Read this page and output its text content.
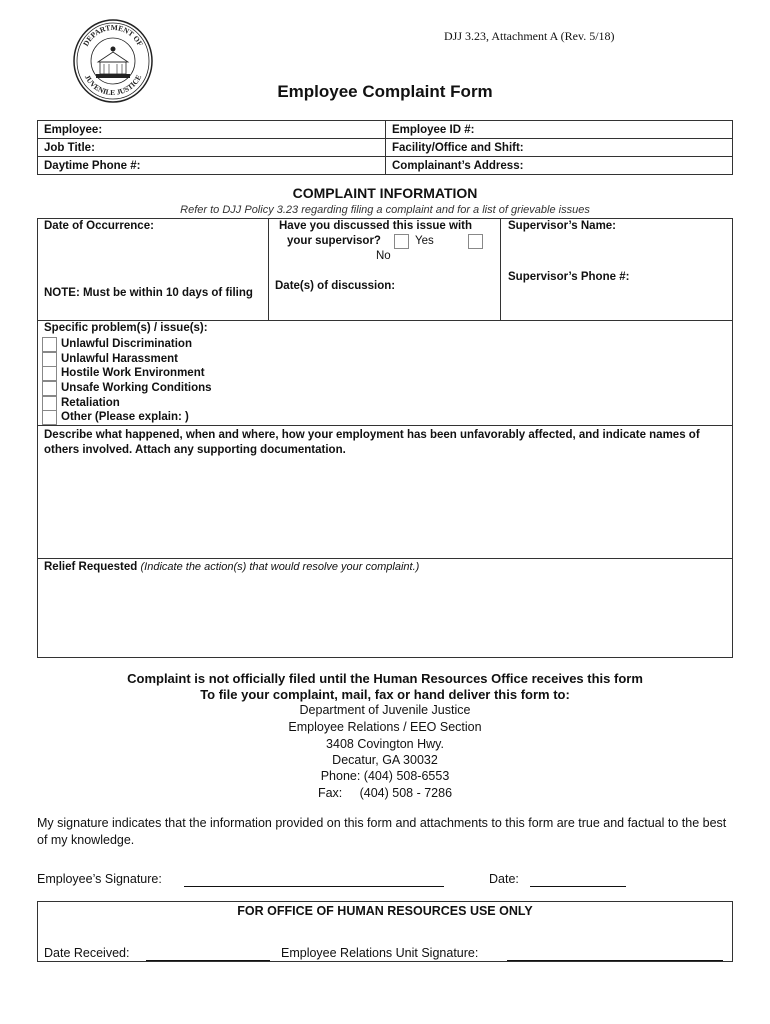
DEPARTMENT OF
JUVENILE JUSTICE
DJJ 3.23, Attachment A (Rev. 5/18)
Employee Complaint Form
Employee:	Employee ID #:
Job Title:	Facility/Office and Shift:
Daytime Phone #:	Complainant’s Address:
COMPLAINT INFORMATION
Refer to DJJ Policy 3.23 regarding filing a complaint and for a list of grievable issues
Date of Occurrence:
NOTE: Must be within 10 days of filing
Have you discussed this issue with
your supervisor?	Yes
No
Date(s) of discussion:
Supervisor’s Name:
Supervisor’s Phone #:
Specific problem(s) / issue(s):
Unlawful Discrimination
Unlawful Harassment
Hostile Work Environment
Unsafe Working Conditions
Retaliation
Other (Please explain: )
Describe what happened, when and where, how your employment has been unfavorably affected, and indicate names of others involved. Attach any supporting documentation.
Relief Requested (Indicate the action(s) that would resolve your complaint.)
Complaint is not officially filed until the Human Resources Office receives this form
To file your complaint, mail, fax or hand deliver this form to:
Department of Juvenile Justice
Employee Relations / EEO Section
3408 Covington Hwy.
Decatur, GA 30032
Phone: (404) 508-6553
Fax:     (404) 508 - 7286
My signature indicates that the information provided on this form and attachments to this form are true and factual to the best of my knowledge.
Employee’s Signature:	Date:
FOR OFFICE OF HUMAN RESOURCES USE ONLY
Date Received:	Employee Relations Unit Signature:
